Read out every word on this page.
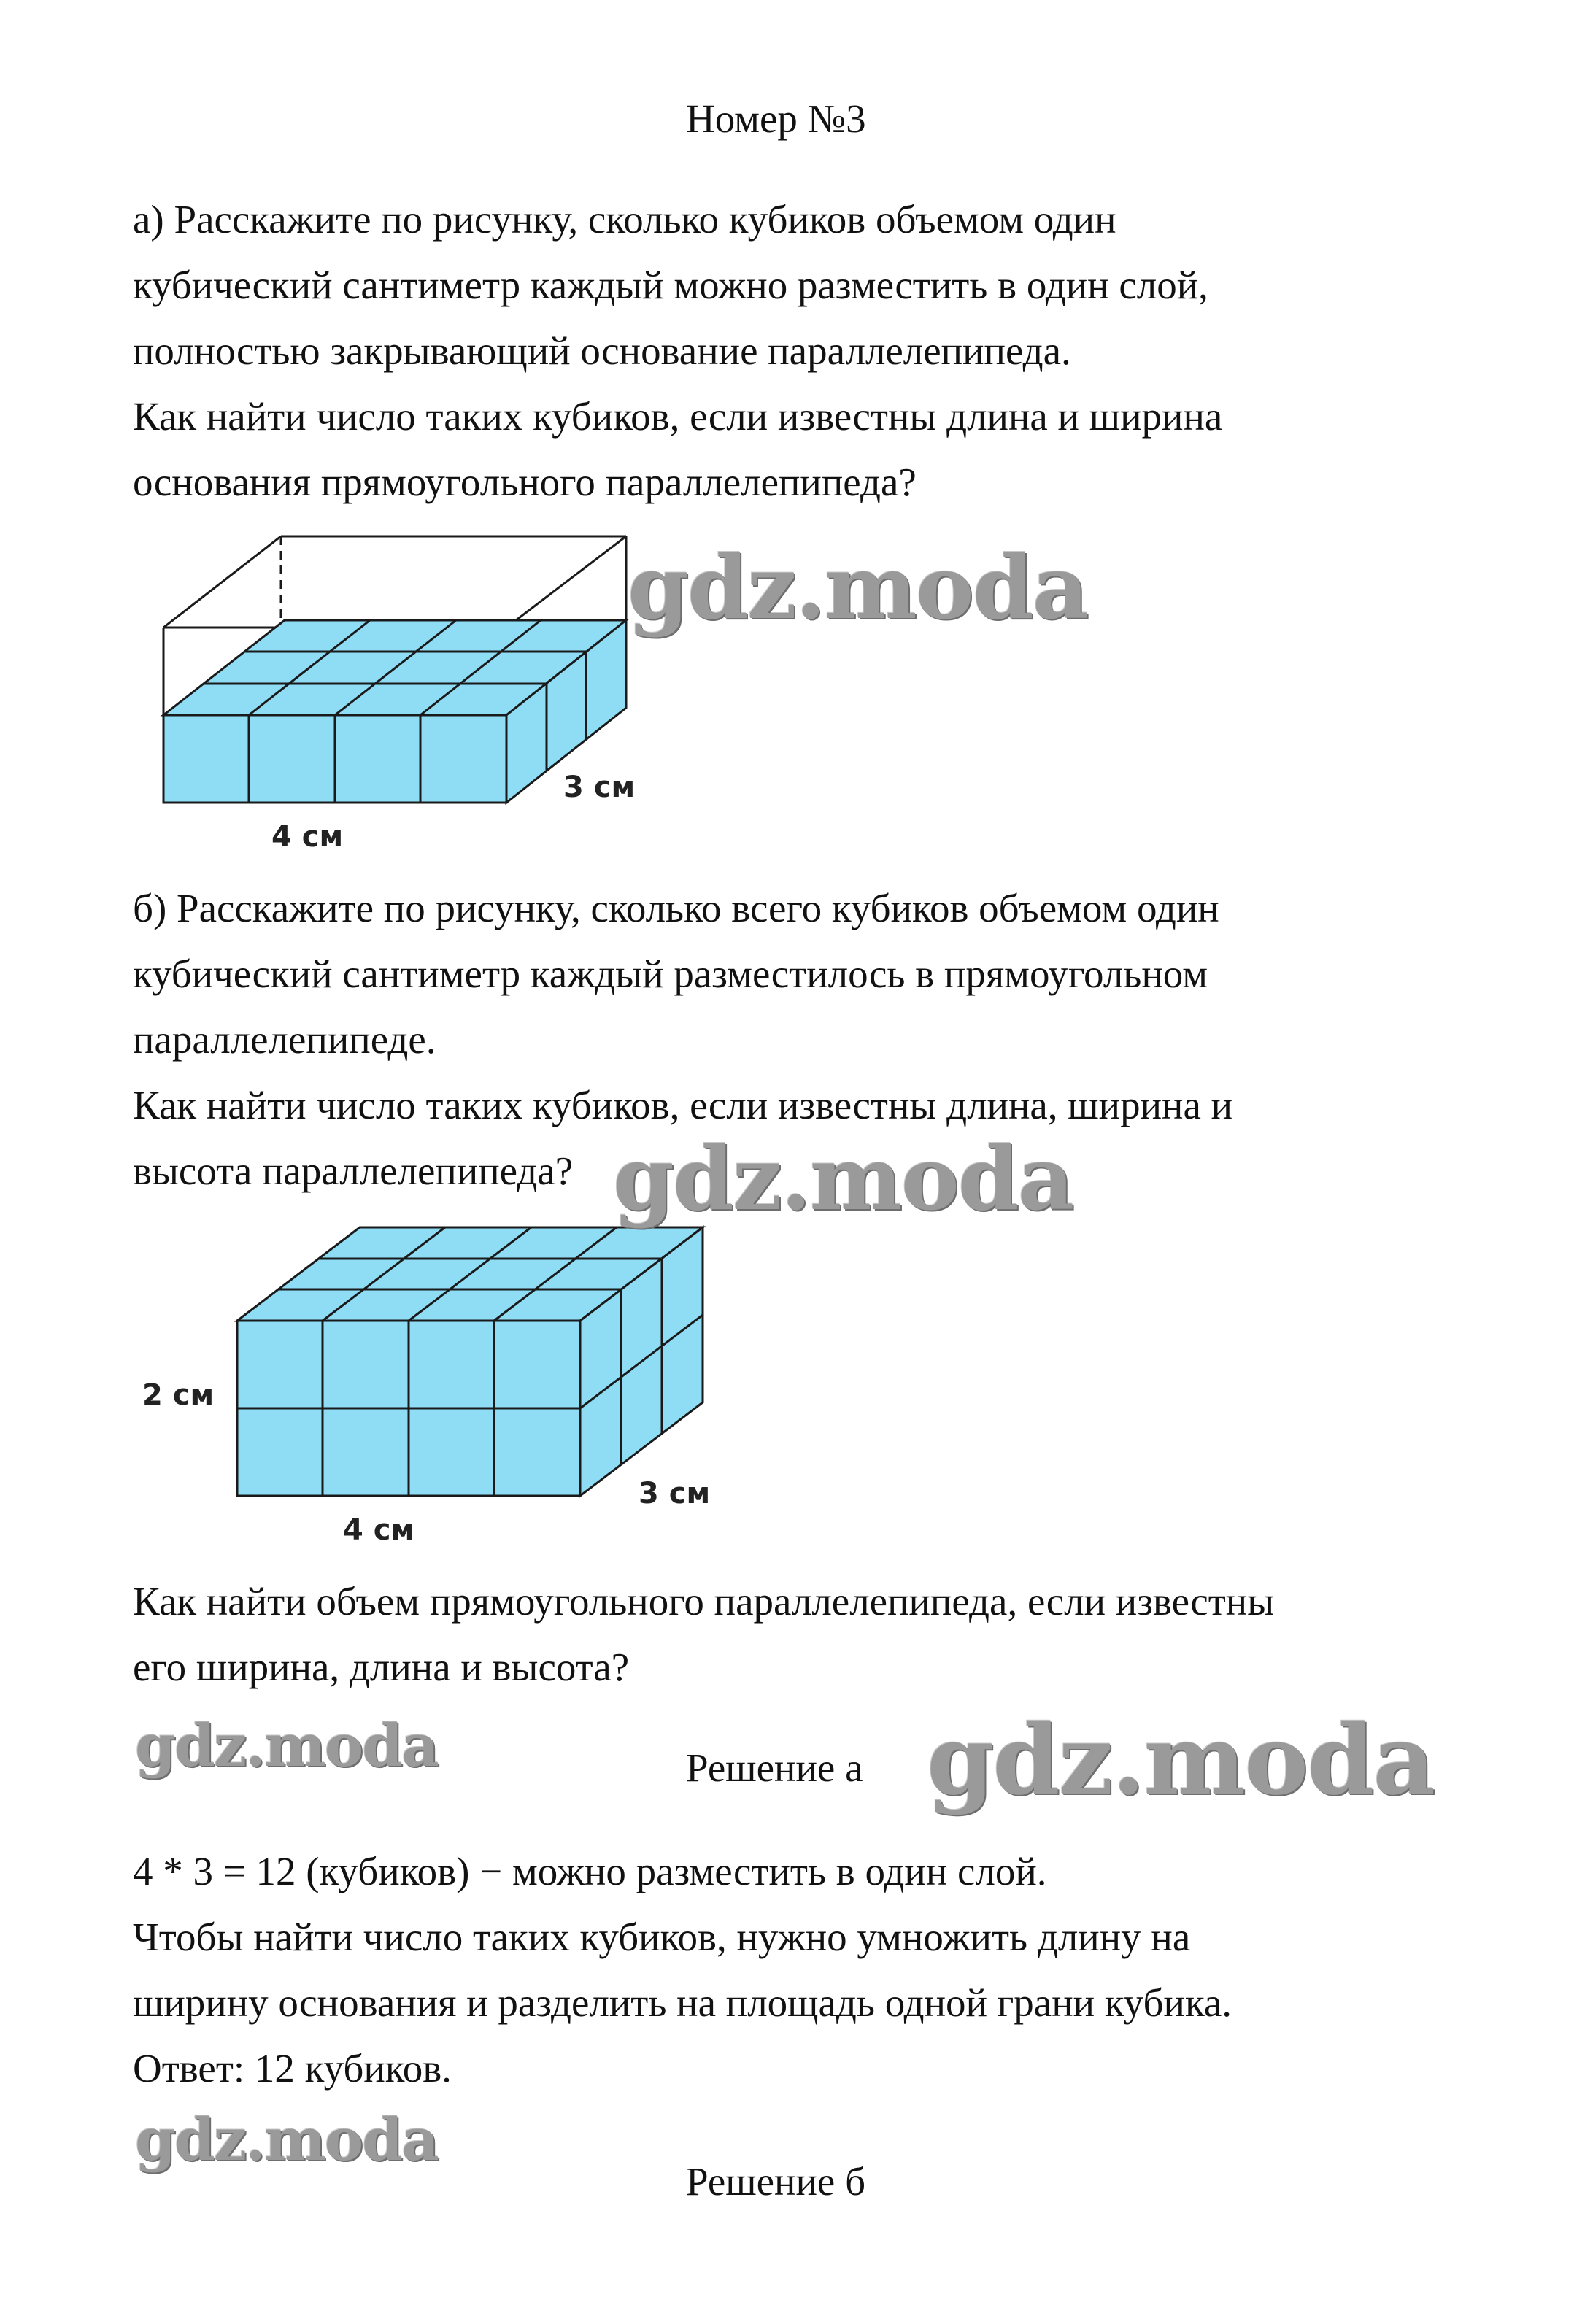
Номер №3
а) Расскажите по рисунку, сколько кубиков объемом один
кубический сантиметр каждый можно разместить в один слой,
полностью закрывающий основание параллелепипеда.
Как найти число таких кубиков, если известны длина и ширина
основания прямоугольного параллелепипеда?
4 см
3 см
б) Расскажите по рисунку, сколько всего кубиков объемом один
кубический сантиметр каждый разместилось в прямоугольном
параллелепипеде.
Как найти число таких кубиков, если известны длина, ширина и
высота параллелепипеда?
2 см
4 см
3 см
Как найти объем прямоугольного параллелепипеда, если известны
его ширина, длина и высота?
Решение а
4 * 3 = 12 (кубиков) − можно разместить в один слой.
Чтобы найти число таких кубиков, нужно умножить длину на
ширину основания и разделить на площадь одной грани кубика.
Ответ: 12 кубиков.
Решение б
gdz.moda
gdz.moda
gdz.moda	gdz.moda
gdz.moda
